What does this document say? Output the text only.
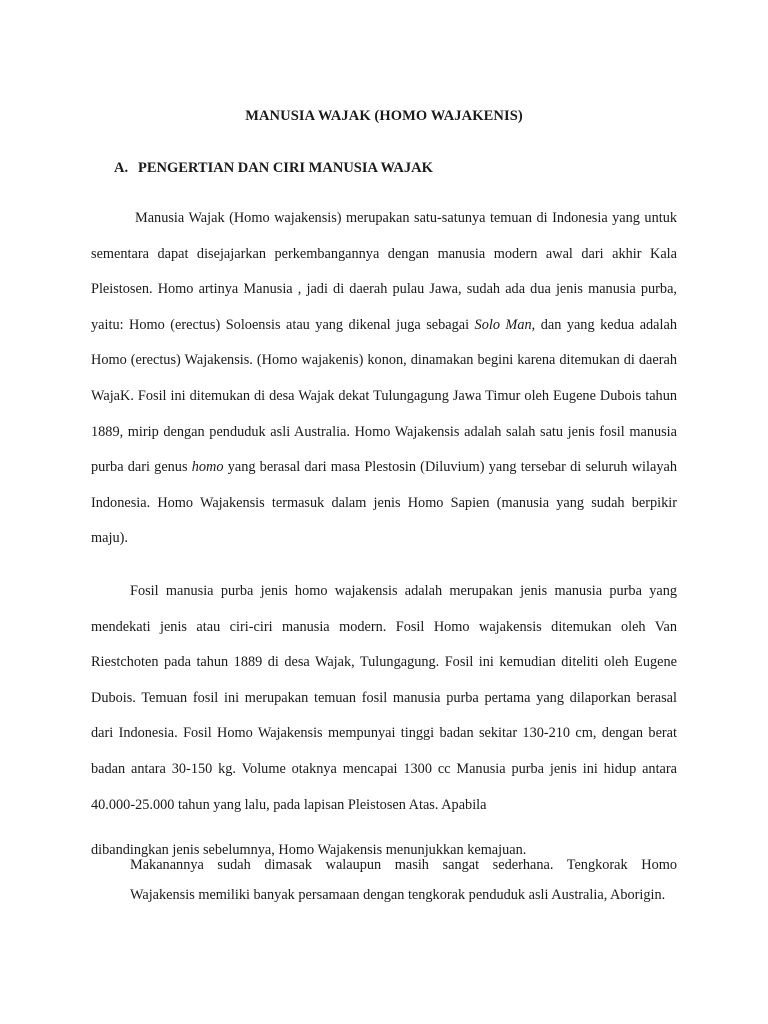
MANUSIA WAJAK (HOMO WAJAKENIS)
A. PENGERTIAN DAN CIRI MANUSIA WAJAK

Manusia Wajak (Homo wajakensis) merupakan satu-satunya temuan di Indonesia yang untuk sementara dapat disejajarkan perkembangannya dengan manusia modern awal dari akhir Kala Pleistosen. Homo artinya Manusia , jadi di daerah pulau Jawa, sudah ada dua jenis manusia purba, yaitu: Homo (erectus) Soloensis atau yang dikenal juga sebagai Solo Man, dan yang kedua adalah Homo (erectus) Wajakensis. (Homo wajakenis) konon, dinamakan begini karena ditemukan di daerah WajaK. Fosil ini ditemukan di desa Wajak dekat Tulungagung Jawa Timur oleh Eugene Dubois tahun 1889, mirip dengan penduduk asli Australia. Homo Wajakensis adalah salah satu jenis fosil manusia purba dari genus homo yang berasal dari masa Plestosin (Diluvium) yang tersebar di seluruh wilayah Indonesia. Homo Wajakensis termasuk dalam jenis Homo Sapien (manusia yang sudah berpikir maju).

Fosil manusia purba jenis homo wajakensis adalah merupakan jenis manusia purba yang mendekati jenis atau ciri-ciri manusia modern. Fosil Homo wajakensis ditemukan oleh Van Riestchoten pada tahun 1889 di desa Wajak, Tulungagung. Fosil ini kemudian diteliti oleh Eugene Dubois. Temuan fosil ini merupakan temuan fosil manusia purba pertama yang dilaporkan berasal dari Indonesia. Fosil Homo Wajakensis mempunyai tinggi badan sekitar 130-210 cm, dengan berat badan antara 30-150 kg. Volume otaknya mencapai 1300 cc Manusia purba jenis ini hidup antara 40.000-25.000 tahun yang lalu, pada lapisan Pleistosen Atas. Apabila

dibandingkan jenis sebelumnya, Homo Wajakensis menunjukkan kemajuan.

Makanannya sudah dimasak walaupun masih sangat sederhana. Tengkorak Homo
Wajakensis memiliki banyak persamaan dengan tengkorak penduduk asli Australia, Aborigin.
